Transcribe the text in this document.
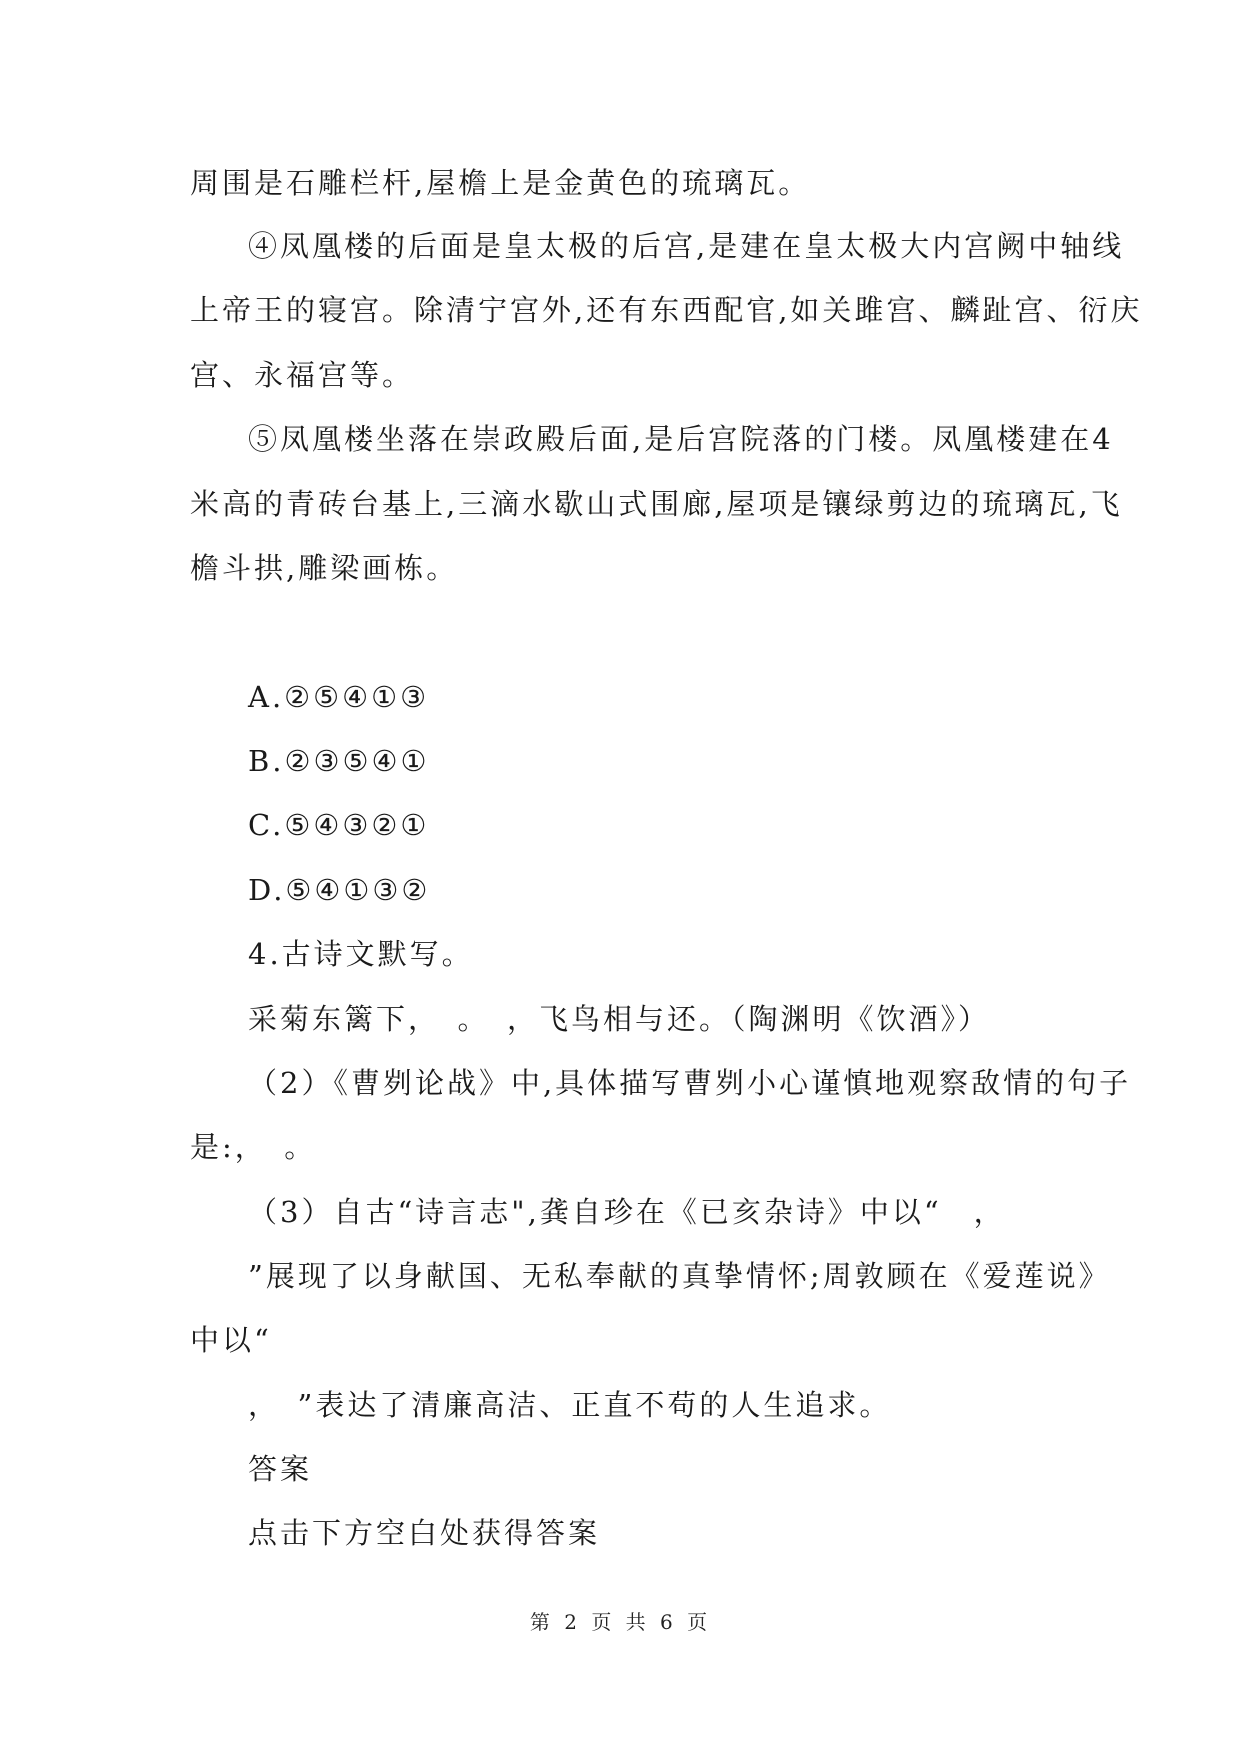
周围是石雕栏杆,屋檐上是金黄色的琉璃瓦。
④凤凰楼的后面是皇太极的后宫,是建在皇太极大内宫阙中轴线
上帝王的寝宫。除清宁宫外,还有东西配官,如关雎宫、麟趾宫、衍庆
宫、永福宫等。
⑤凤凰楼坐落在崇政殿后面,是后宫院落的门楼。凤凰楼建在4
米高的青砖台基上,三滴水歇山式围廊,屋项是镶绿剪边的琉璃瓦,飞
檐斗拱,雕梁画栋。
A.②⑤④①③
B.②③⑤④①
C.⑤④③②①
D.⑤④①③②
4.古诗文默写。
采菊东篱下，　。　，飞鸟相与还。（陶渊明《饮酒》）
（2）《曹刿论战》中,具体描写曹刿小心谨慎地观察敌情的句子
是:，　。
（3）自古“诗言志",龚自珍在《已亥杂诗》中以“　，
”展现了以身献国、无私奉献的真挚情怀;周敦顾在《爱莲说》
中以“
，　”表达了清廉高洁、正直不苟的人生追求。
答案
点击下方空白处获得答案
第 2 页 共 6 页
